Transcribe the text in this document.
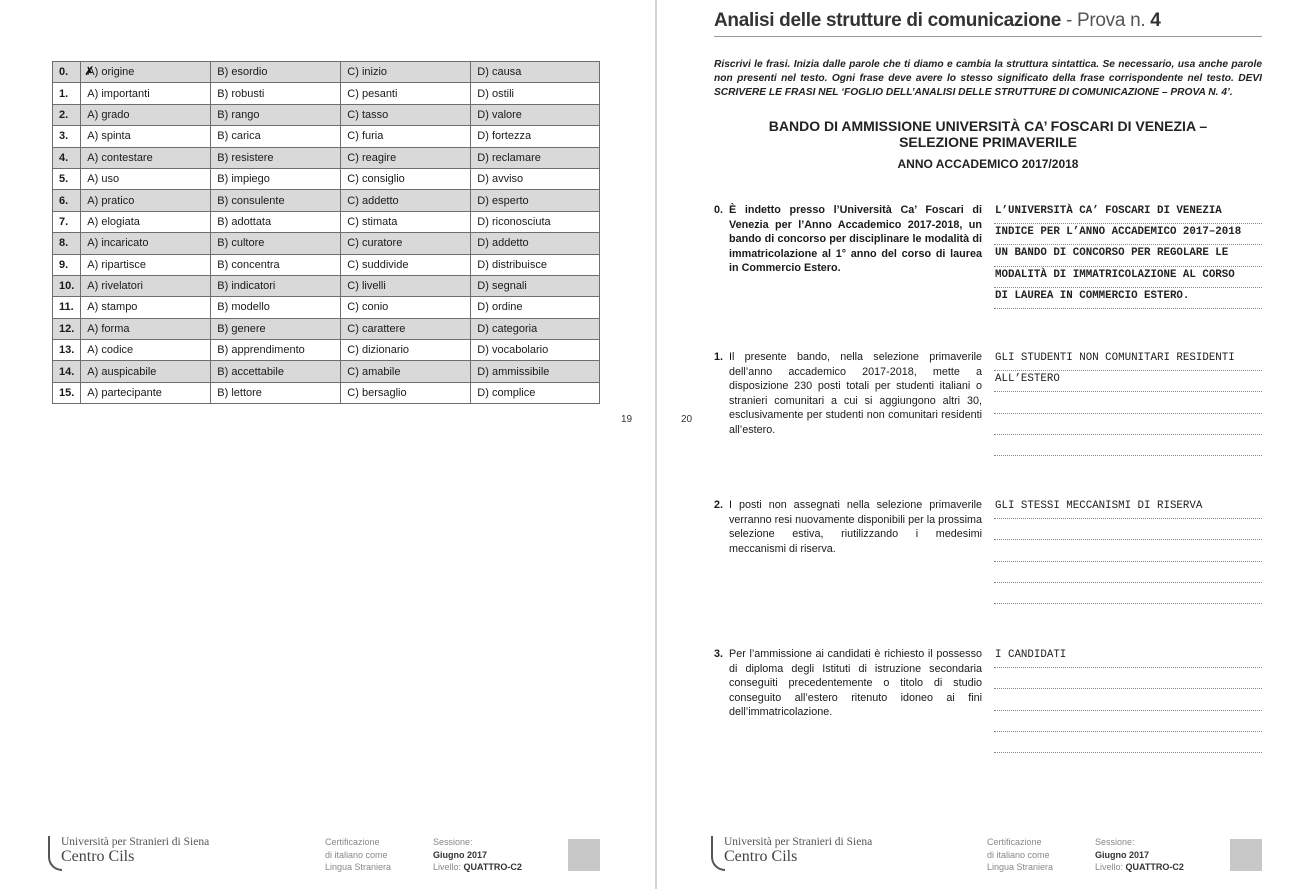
0.	A) origine ✗	B) esordio	C) inizio	D) causa
1.	A) importanti	B) robusti	C) pesanti	D) ostili
2.	A) grado	B) rango	C) tasso	D) valore
3.	A) spinta	B) carica	C) furia	D) fortezza
4.	A) contestare	B) resistere	C) reagire	D) reclamare
5.	A) uso	B) impiego	C) consiglio	D) avviso
6.	A) pratico	B) consulente	C) addetto	D) esperto
7.	A) elogiata	B) adottata	C) stimata	D) riconosciuta
8.	A) incaricato	B) cultore	C) curatore	D) addetto
9.	A) ripartisce	B) concentra	C) suddivide	D) distribuisce
10.	A) rivelatori	B) indicatori	C) livelli	D) segnali
11.	A) stampo	B) modello	C) conio	D) ordine
12.	A) forma	B) genere	C) carattere	D) categoria
13.	A) codice	B) apprendimento	C) dizionario	D) vocabolario
14.	A) auspicabile	B) accettabile	C) amabile	D) ammissibile
15.	A) partecipante	B) lettore	C) bersaglio	D) complice
19
Università per Stranieri di Siena
Centro Cils
Certificazione
di italiano come
Lingua Straniera
Sessione:
Giugno 2017
Livello: QUATTRO-C2
20
Analisi delle strutture di comunicazione - Prova n. 4
Riscrivi le frasi. Inizia dalle parole che ti diamo e cambia la struttura sintattica. Se necessario, usa anche parole non presenti nel testo. Ogni frase deve avere lo stesso significato della frase corrispondente nel testo. DEVI SCRIVERE LE FRASI NEL ‘FOGLIO DELL’ANALISI DELLE STRUTTURE DI COMUNICAZIONE – PROVA N. 4’.
BANDO DI AMMISSIONE UNIVERSITÀ CA’ FOSCARI DI VENEZIA –
SELEZIONE PRIMAVERILE
ANNO ACCADEMICO 2017/2018
0. È indetto presso l’Università Ca’ Foscari di Venezia per l’Anno Accademico 2017-2018, un bando di concorso per disciplinare le modalità di immatricolazione al 1° anno del corso di laurea in Commercio Estero.
L’UNIVERSITÀ CA’ FOSCARI DI VENEZIA
INDICE PER L’ANNO ACCADEMICO 2017–2018
UN BANDO DI CONCORSO PER REGOLARE LE
MODALITÀ DI IMMATRICOLAZIONE AL CORSO
DI LAUREA IN COMMERCIO ESTERO.
1. Il presente bando, nella selezione primaverile dell’anno accademico 2017-2018, mette a disposizione 230 posti totali per studenti italiani o stranieri comunitari a cui si aggiungono altri 30, esclusivamente per studenti non comunitari residenti all’estero.
GLI STUDENTI NON COMUNITARI RESIDENTI
ALL’ESTERO
2. I posti non assegnati nella selezione primaverile verranno resi nuovamente disponibili per la prossima selezione estiva, riutilizzando i medesimi meccanismi di riserva.
GLI STESSI MECCANISMI DI RISERVA
3. Per l’ammissione ai candidati è richiesto il possesso di diploma degli Istituti di istruzione secondaria conseguiti precedentemente o titolo di studio conseguito all’estero ritenuto idoneo ai fini dell’immatricolazione.
I CANDIDATI
Università per Stranieri di Siena
Centro Cils
Certificazione
di italiano come
Lingua Straniera
Sessione:
Giugno 2017
Livello: QUATTRO-C2
